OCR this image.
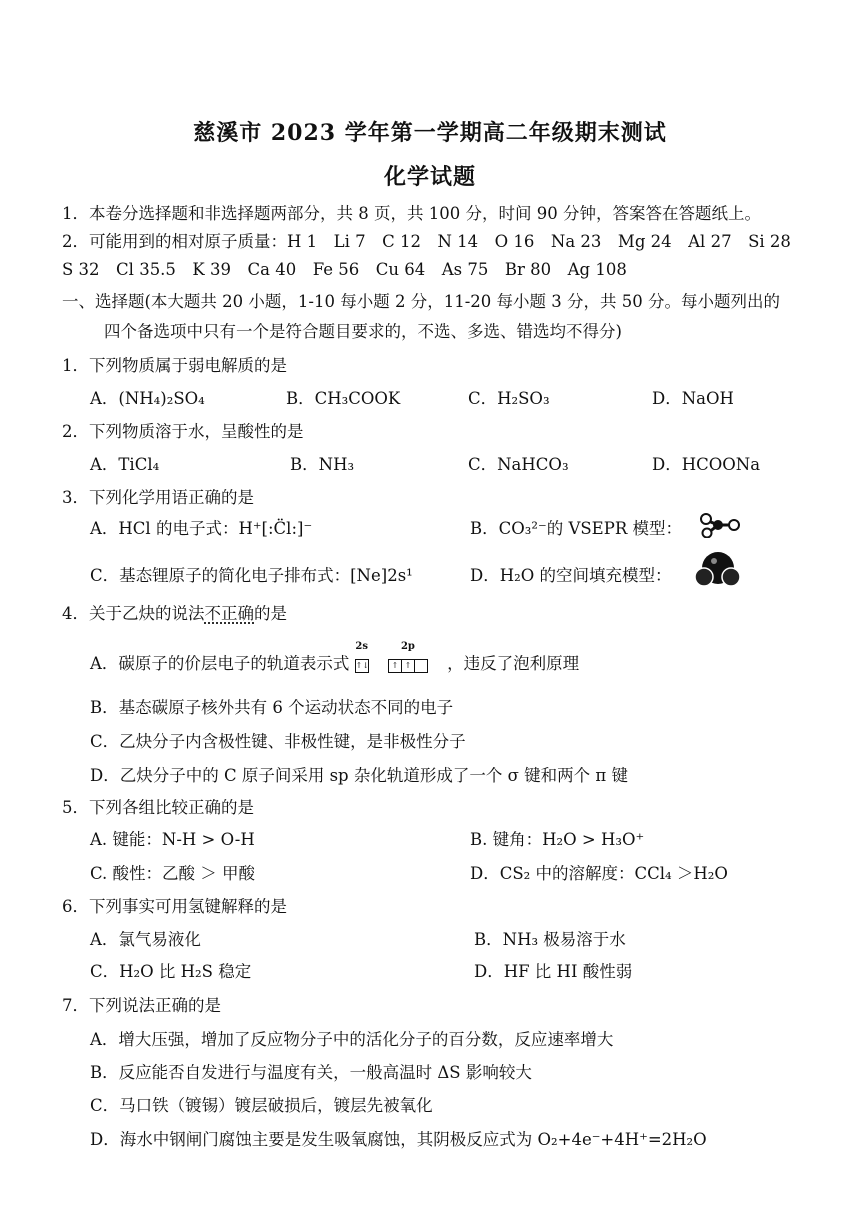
慈溪市 2023 学年第一学期高二年级期末测试
化学试题
1．本卷分选择题和非选择题两部分，共 8 页，共 100 分，时间 90 分钟，答案答在答题纸上。
2．可能用到的相对原子质量：H 1　Li 7　C 12　N 14　O 16　Na 23　Mg 24　Al 27　Si 28
S 32　Cl 35.5　K 39　Ca 40　Fe 56　Cu 64　As 75　Br 80　Ag 108
一、选择题(本大题共 20 小题，1-10 每小题 2 分，11-20 每小题 3 分，共 50 分。每小题列出的
四个备选项中只有一个是符合题目要求的，不选、多选、错选均不得分)
1．下列物质属于弱电解质的是
A．(NH₄)₂SO₄	B．CH₃COOK	C．H₂SO₃	D．NaOH
2．下列物质溶于水，呈酸性的是
A．TiCl₄	B．NH₃	C．NaHCO₃	D．HCOONa
3．下列化学用语正确的是
A．HCl 的电子式：H⁺[:C̈l:]⁻	B．CO₃²⁻的 VSEPR 模型：
C．基态锂原子的简化电子排布式：[Ne]2s¹	D．H₂O 的空间填充模型：
4．关于乙炔的说法不正确的是
A．碳原子的价层电子的轨道表示式
2s
↑↓
2p
↑ ↑ ，违反了泡利原理
B．基态碳原子核外共有 6 个运动状态不同的电子
C．乙炔分子内含极性键、非极性键，是非极性分子
D．乙炔分子中的 C 原子间采用 sp 杂化轨道形成了一个 σ 键和两个 π 键
5．下列各组比较正确的是
A. 键能：N-H > O-H	B. 键角：H₂O > H₃O⁺
C. 酸性：乙酸 ＞ 甲酸	D．CS₂ 中的溶解度：CCl₄ ＞H₂O
6．下列事实可用氢键解释的是
A．氯气易液化	B．NH₃ 极易溶于水
C．H₂O 比 H₂S 稳定	D．HF 比 HI 酸性弱
7．下列说法正确的是
A．增大压强，增加了反应物分子中的活化分子的百分数，反应速率增大
B．反应能否自发进行与温度有关，一般高温时 ΔS 影响较大
C．马口铁（镀锡）镀层破损后，镀层先被氧化
D．海水中钢闸门腐蚀主要是发生吸氧腐蚀，其阴极反应式为 O₂+4e⁻+4H⁺=2H₂O
